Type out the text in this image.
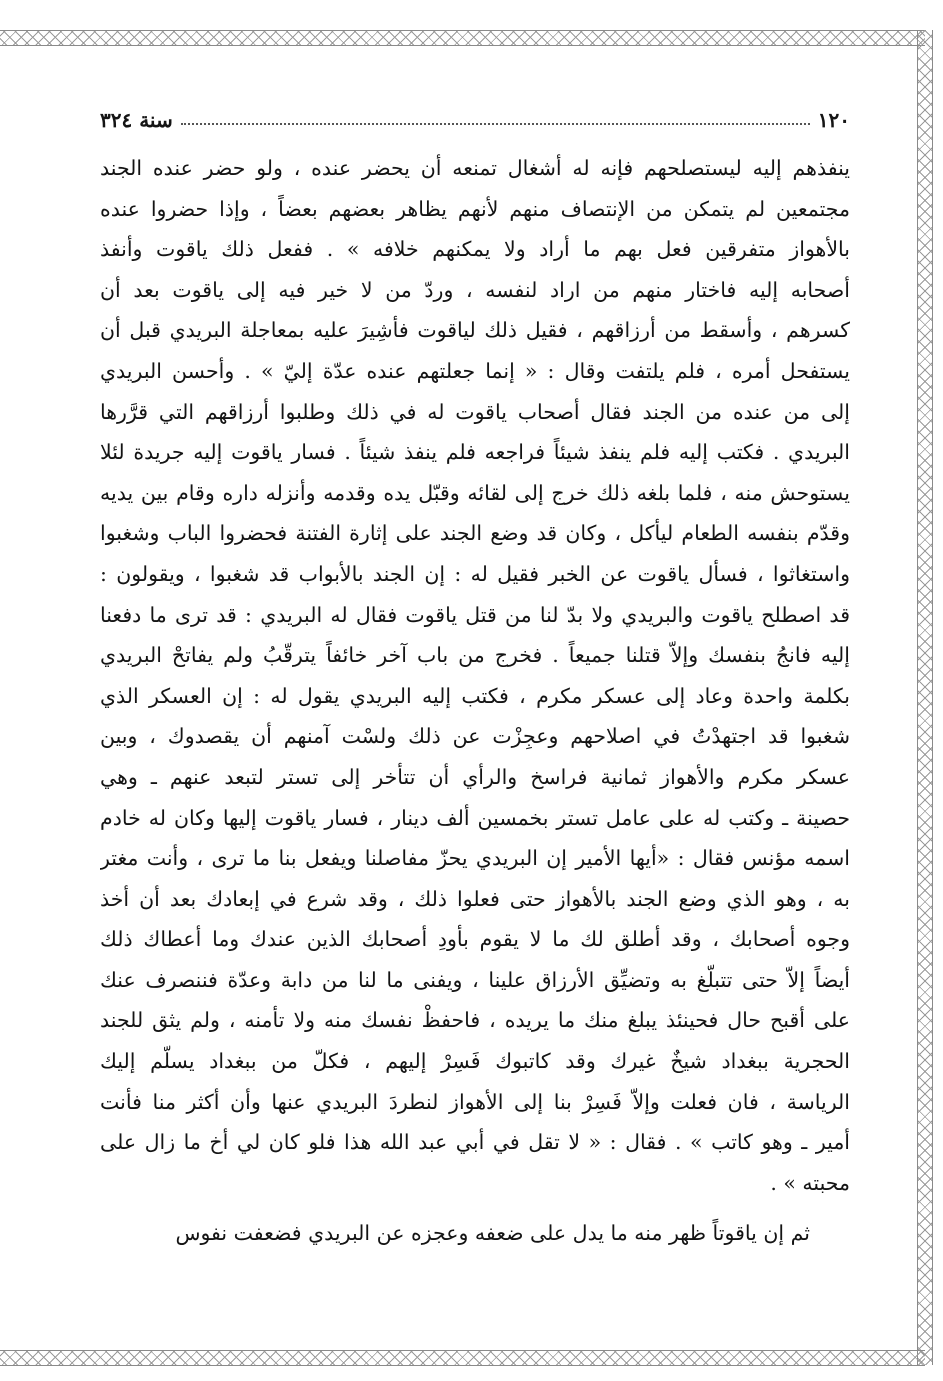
١٢٠
سنة ٣٢٤
ينفذهم إليه ليستصلحهم فإنه له أشغال تمنعه أن يحضر عنده ، ولو حضر عنده الجند
مجتمعين لم يتمكن من الإنتصاف منهم لأنهم يظاهر بعضهم بعضاً ، وإذا حضروا عنده
بالأهواز متفرقين فعل بهم ما أراد ولا يمكنهم خلافه » . ففعل ذلك ياقوت وأنفذ
أصحابه إليه فاختار منهم من اراد لنفسه ، وردّ من لا خير فيه إلى ياقوت بعد أن
كسرهم ، وأسقط من أرزاقهم ، فقيل ذلك لياقوت فأشِيرَ عليه بمعاجلة البريدي قبل أن
يستفحل أمره ، فلم يلتفت وقال : « إنما جعلتهم عنده عدّة إليّ » . وأحسن البريدي
إلى من عنده من الجند فقال أصحاب ياقوت له في ذلك وطلبوا أرزاقهم التي قرَّرها
البريدي . فكتب إليه فلم ينفذ شيئاً فراجعه فلم ينفذ شيئاً . فسار ياقوت إليه جريدة لئلا
يستوحش منه ، فلما بلغه ذلك خرج إلى لقائه وقبّل يده وقدمه وأنزله داره وقام بين يديه
وقدّم بنفسه الطعام ليأكل ، وكان قد وضع الجند على إثارة الفتنة فحضروا الباب وشغبوا
واستغاثوا ، فسأل ياقوت عن الخبر فقيل له : إن الجند بالأبواب قد شغبوا ، ويقولون :
قد اصطلح ياقوت والبريدي ولا بدّ لنا من قتل ياقوت فقال له البريدي : قد ترى ما دفعنا
إليه فانجُ بنفسك وإلاّ قتلنا جميعاً . فخرج من باب آخر خائفاً يترقّبُ ولم يفاتحْ البريدي
بكلمة واحدة وعاد إلى عسكر مكرم ، فكتب إليه البريدي يقول له : إن العسكر الذي
شغبوا قد اجتهدْتُ في اصلاحهم وعجِزْت عن ذلك ولسْت آمنهم أن يقصدوك ، وبين
عسكر مكرم والأهواز ثمانية فراسخ والرأي أن تتأخر إلى تستر لتبعد عنهم ـ وهي
حصينة ـ وكتب له على عامل تستر بخمسين ألف دينار ، فسار ياقوت إليها وكان له خادم
اسمه مؤنس فقال : «أيها الأمير إن البريدي يحزّ مفاصلنا ويفعل بنا ما ترى ، وأنت مغتر
به ، وهو الذي وضع الجند بالأهواز حتى فعلوا ذلك ، وقد شرع في إبعادك بعد أن أخذ
وجوه أصحابك ، وقد أطلق لك ما لا يقوم بأودِ أصحابك الذين عندك وما أعطاك ذلك
أيضاً إلاّ حتى تتبلّغ به وتضيِّق الأرزاق علينا ، ويفنى ما لنا من دابة وعدّة فننصرف عنك
على أقبح حال فحينئذ يبلغ منك ما يريده ، فاحفظْ نفسك منه ولا تأمنه ، ولم يثق للجند
الحجرية ببغداد شيخٌ غيرك وقد كاتبوك فَسِرْ إليهم ، فكلّ من ببغداد يسلّم إليك
الرياسة ، فان فعلت وإلاّ فَسِرْ بنا إلى الأهواز لنطردَ البريدي عنها وأن أكثر منا فأنت
أمير ـ وهو كاتب » . فقال : « لا تقل في أبي عبد الله هذا فلو كان لي أخ ما زال على
محبته » .
ثم إن ياقوتاً ظهر منه ما يدل على ضعفه وعجزه عن البريدي فضعفت نفوس
